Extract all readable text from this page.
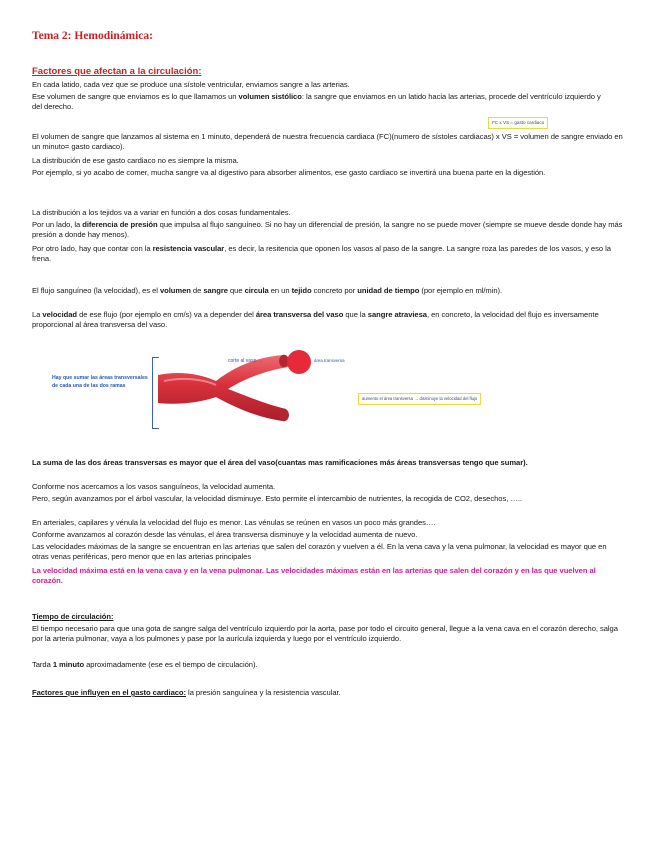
Tema 2: Hemodinámica:
Factores que afectan a la circulación:
En cada latido, cada vez que se produce una sístole ventricular, enviamos sangre a las arterias.
Ese volumen de sangre que enviamos es lo que llamamos un volumen sistólico: la sangre que enviamos en un latido hacia las arterias, procede del ventrículo izquierdo y del derecho.
FC x VS = gasto cardiaco
El volumen de sangre que lanzamos al sistema en 1 minuto, dependerá de nuestra frecuencia cardiaca (FC)(numero de sístoles cardiacas) x VS = volumen de sangre enviado en un minuto= gasto cardiaco).
La distribución de ese gasto cardiaco no es siempre la misma.
Por ejemplo, si yo acabo de comer, mucha sangre va al digestivo para absorber alimentos, ese gasto cardiaco se invertirá una buena parte en la digestión.
La distribución a los tejidos va a variar en función a dos cosas fundamentales.
Por un lado, la diferencia de presión que impulsa al flujo sanguíneo. Si no hay un diferencial de presión, la sangre no se puede mover (siempre se mueve desde donde hay más presión a donde hay menos).
Por otro lado, hay que contar con la resistencia vascular, es decir, la resitencia que oponen los vasos al paso de la sangre. La sangre roza las paredes de los vasos, y eso la frena.
El flujo sanguíneo (la velocidad), es el volumen de sangre que circula en un tejido concreto por unidad de tiempo (por ejemplo en ml/min).
La velocidad de ese flujo (por ejemplo en cm/s) va a depender del área transversa del vaso que la sangre atraviesa, en concreto, la velocidad del flujo es inversamente proporcional al área transversa del vaso.
Hay que sumar las áreas transversales de cada una de las dos ramas
corte al vaso →	área transversa
aumento el área transversa → disminuye la velocidad del flujo
La suma de las dos áreas transversas es mayor que el área del vaso(cuantas mas ramificaciones más áreas transversas tengo que sumar).
Conforme nos acercamos a los vasos sanguíneos, la velocidad aumenta.
Pero, según avanzamos por el árbol vascular, la velocidad disminuye. Esto permite el intercambio de nutrientes, la recogida de CO2, desechos, …..
En arteriales, capilares y vénula la velocidad del flujo es menor. Las vénulas se reúnen en vasos un poco más grandes….
Conforme avanzamos al corazón desde las vénulas, el área transversa disminuye y la velocidad aumenta de nuevo.
Las velocidades máximas de la sangre se encuentran en las arterias que salen del corazón y vuelven a él. En la vena cava y la vena pulmonar, la velocidad es mayor que en otras venas periféricas, pero menor que en las arterias principales
La velocidad máxima está en la vena cava y en la vena pulmonar. Las velocidades máximas están en las arterias que salen del corazón y en las que vuelven al corazón.
Tiempo de circulación:
El tiempo necesario para que una gota de sangre salga del ventrículo izquierdo por la aorta, pase por todo el circuito general, llegue a la vena cava en el corazón derecho, salga por la arteria pulmonar, vaya a los pulmones y pase por la aurícula izquierda y luego por el ventrículo izquierdo.
Tarda 1 minuto aproximadamente (ese es el tiempo de circulación).
Factores que influyen en el gasto cardiaco: la presión sanguínea y la resistencia vascular.
